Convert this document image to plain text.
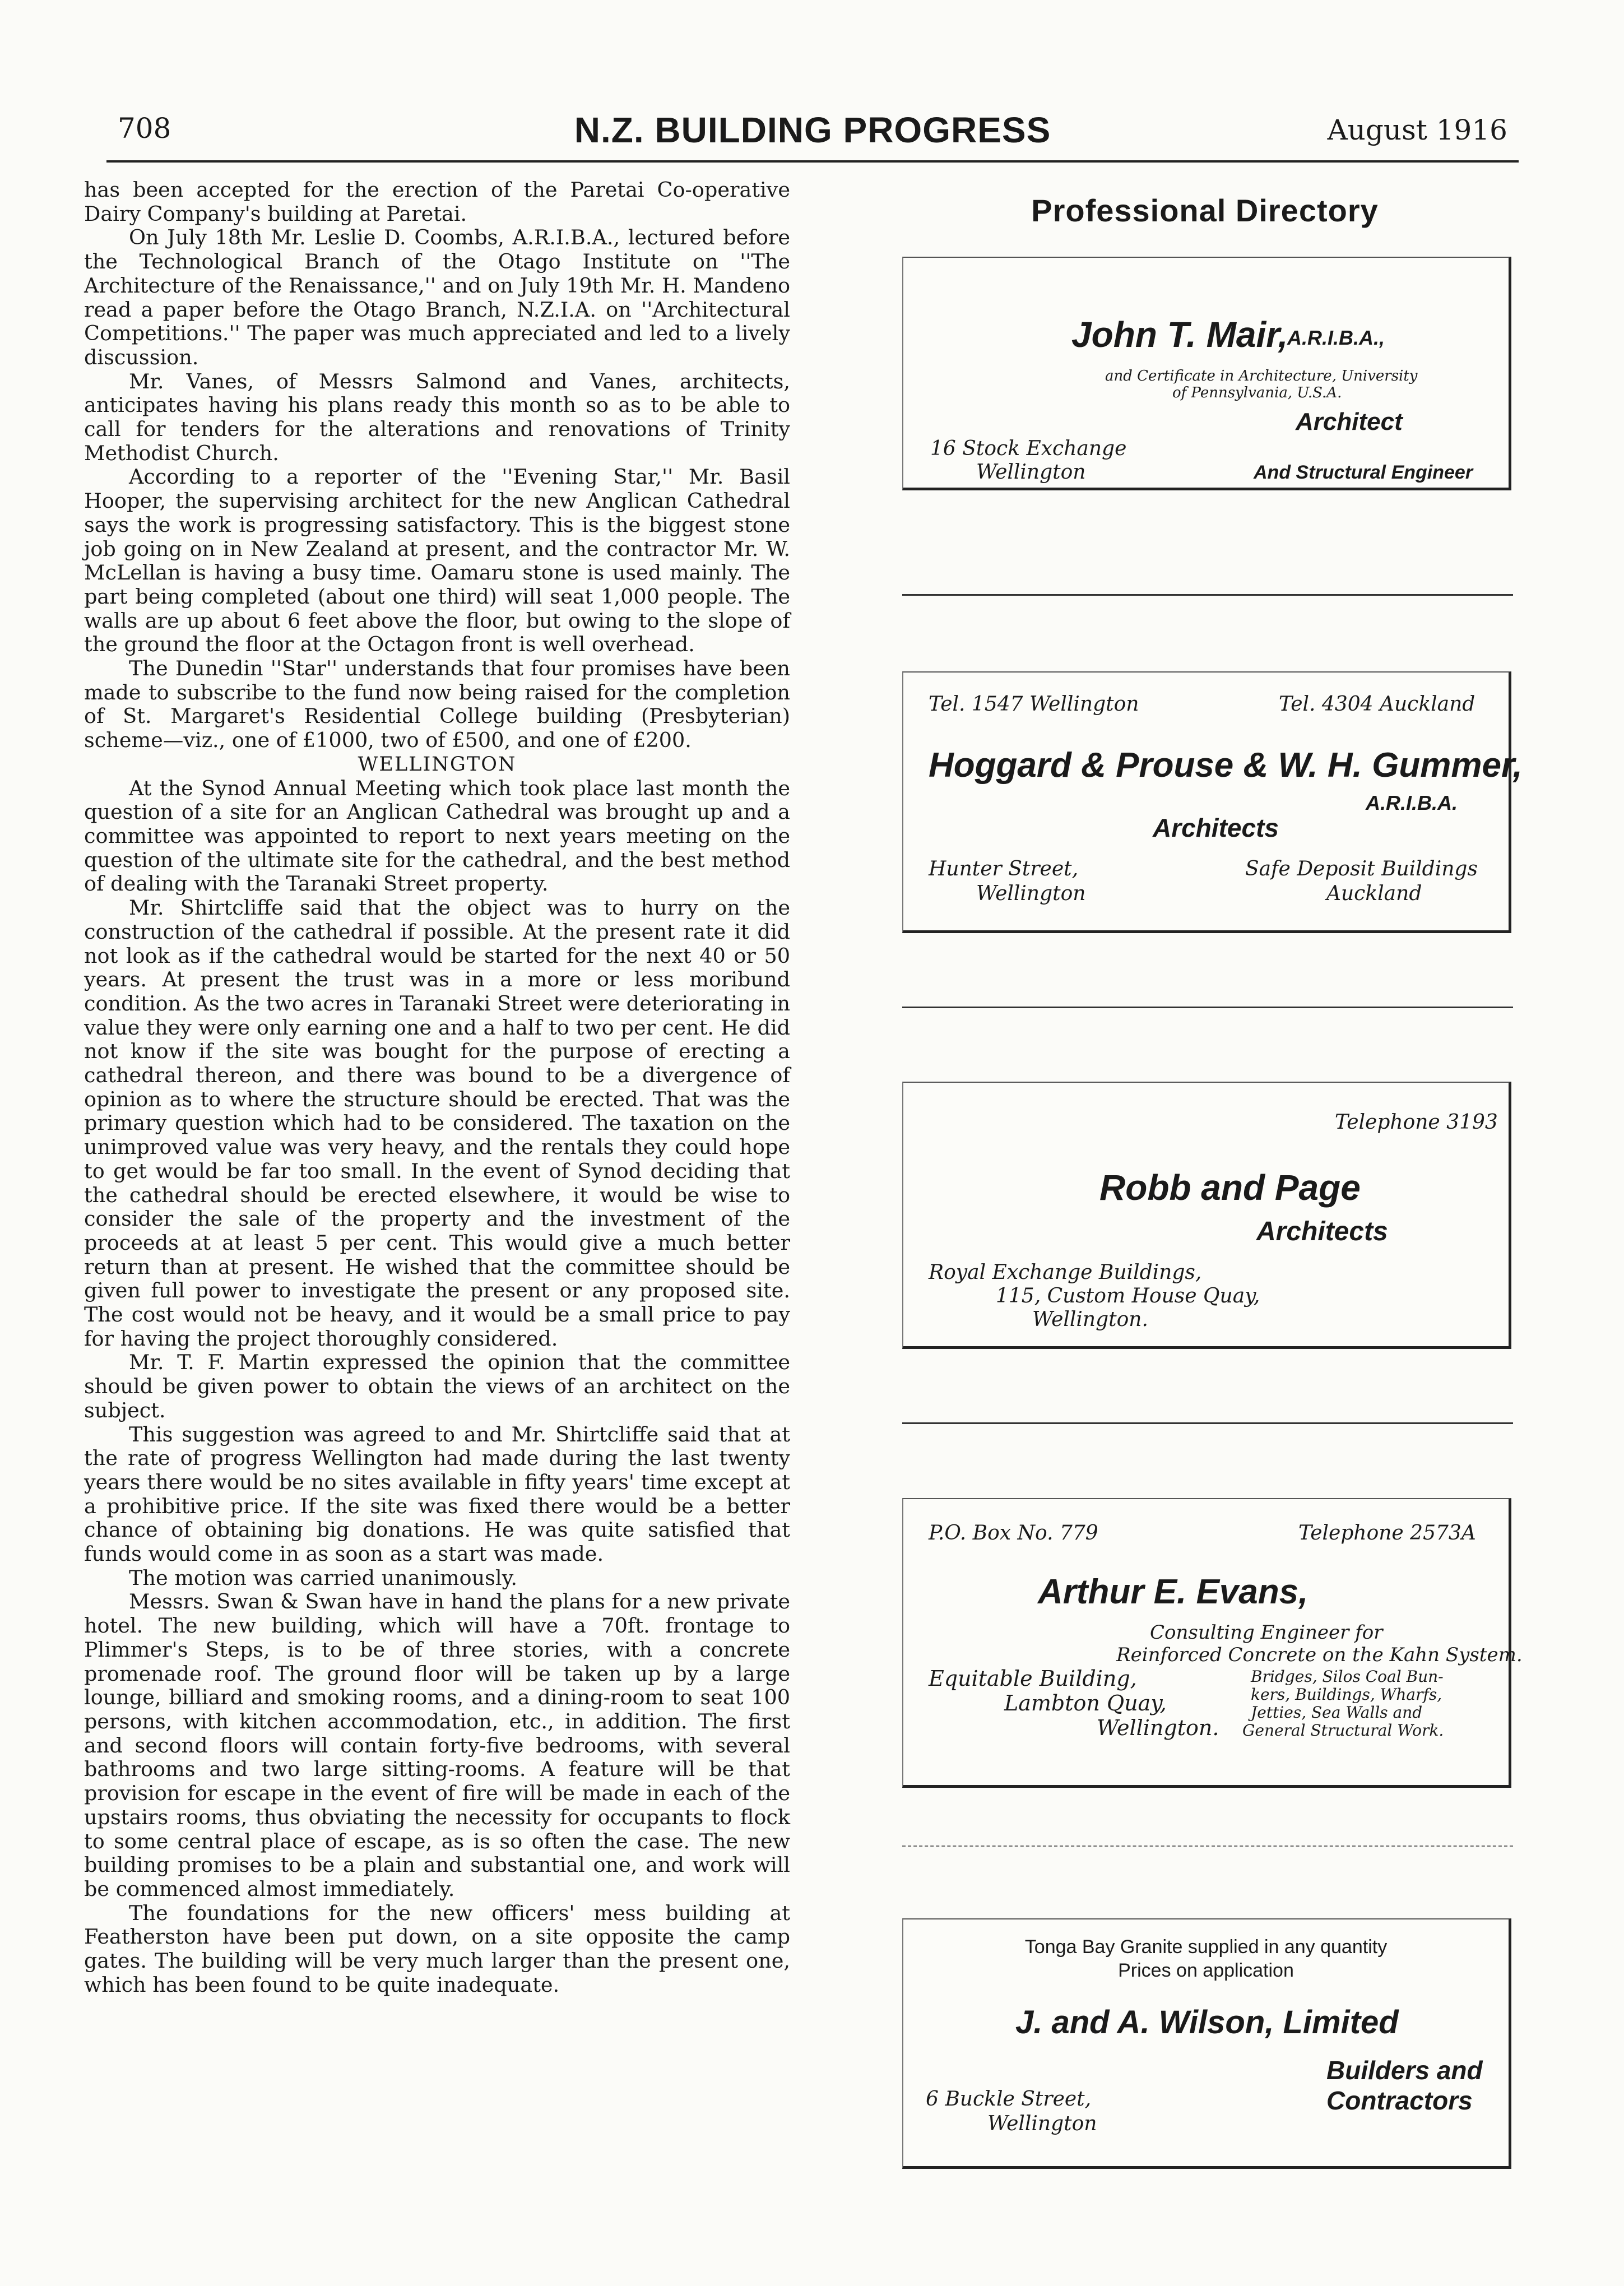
708	N.Z. BUILDING PROGRESS	August 1916

has been accepted for the erection of the Paretai Co-operative Dairy Company's building at Paretai.

On July 18th Mr. Leslie D. Coombs, A.R.I.B.A., lectured before the Technological Branch of the Otago Institute on ''The Architecture of the Renaissance,'' and on July 19th Mr. H. Mandeno read a paper before the Otago Branch, N.Z.I.A. on ''Architectural Competitions.'' The paper was much appreciated and led to a lively discussion.

Mr. Vanes, of Messrs Salmond and Vanes, architects, anticipates having his plans ready this month so as to be able to call for tenders for the alterations and renovations of Trinity Methodist Church.

According to a reporter of the ''Evening Star,'' Mr. Basil Hooper, the supervising architect for the new Anglican Cathedral says the work is progressing satisfactory. This is the biggest stone job going on in New Zealand at present, and the contractor Mr. W. McLellan is having a busy time. Oamaru stone is used mainly. The part being completed (about one third) will seat 1,000 people. The walls are up about 6 feet above the floor, but owing to the slope of the ground the floor at the Octagon front is well overhead.

The Dunedin ''Star'' understands that four promises have been made to subscribe to the fund now being raised for the completion of St. Margaret's Residential College building (Presbyterian) scheme—viz., one of £1000, two of £500, and one of £200.

WELLINGTON

At the Synod Annual Meeting which took place last month the question of a site for an Anglican Cathedral was brought up and a committee was appointed to report to next years meeting on the question of the ultimate site for the cathedral, and the best method of dealing with the Taranaki Street property.

Mr. Shirtcliffe said that the object was to hurry on the construction of the cathedral if possible. At the present rate it did not look as if the cathedral would be started for the next 40 or 50 years. At present the trust was in a more or less moribund condition. As the two acres in Taranaki Street were deteriorating in value they were only earning one and a half to two per cent. He did not know if the site was bought for the purpose of erecting a cathedral thereon, and there was bound to be a divergence of opinion as to where the structure should be erected. That was the primary question which had to be considered. The taxation on the unimproved value was very heavy, and the rentals they could hope to get would be far too small. In the event of Synod deciding that the cathedral should be erected elsewhere, it would be wise to consider the sale of the property and the investment of the proceeds at at least 5 per cent. This would give a much better return than at present. He wished that the committee should be given full power to investigate the present or any proposed site. The cost would not be heavy, and it would be a small price to pay for having the project thoroughly considered.

Mr. T. F. Martin expressed the opinion that the committee should be given power to obtain the views of an architect on the subject.

This suggestion was agreed to and Mr. Shirtcliffe said that at the rate of progress Wellington had made during the last twenty years there would be no sites available in fifty years' time except at a prohibitive price. If the site was fixed there would be a better chance of obtaining big donations. He was quite satisfied that funds would come in as soon as a start was made.

The motion was carried unanimously.

Messrs. Swan & Swan have in hand the plans for a new private hotel. The new building, which will have a 70ft. frontage to Plimmer's Steps, is to be of three stories, with a concrete promenade roof. The ground floor will be taken up by a large lounge, billiard and smoking rooms, and a dining-room to seat 100 persons, with kitchen accommodation, etc., in addition. The first and second floors will contain forty-five bedrooms, with several bathrooms and two large sitting-rooms. A feature will be that provision for escape in the event of fire will be made in each of the upstairs rooms, thus obviating the necessity for occupants to flock to some central place of escape, as is so often the case. The new building promises to be a plain and substantial one, and work will be commenced almost immediately.

The foundations for the new officers' mess building at Featherston have been put down, on a site opposite the camp gates. The building will be very much larger than the present one, which has been found to be quite inadequate.

Professional Directory
John T. Mair,
A.R.I.B.A.,
and Certificate in Architecture, University
of Pennsylvania, U.S.A.
Architect
16 Stock Exchange
Wellington	And Structural Engineer
Tel. 1547 Wellington	Tel. 4304 Auckland
Hoggard & Prouse & W. H. Gummer,
A.R.I.B.A.
Architects
Hunter Street,
Wellington
Safe Deposit Buildings
Auckland
Telephone 3193
Robb and Page
Architects
Royal Exchange Buildings,
115, Custom House Quay,
Wellington.
P.O. Box No. 779	Telephone 2573A
Arthur E. Evans,
Consulting Engineer for
Reinforced Concrete on the Kahn System.
Equitable Building,
Lambton Quay,
Wellington.
Bridges, Silos Coal Bun-
kers, Buildings, Wharfs,
Jetties, Sea Walls and
General Structural Work.
Tonga Bay Granite supplied in any quantity
Prices on application
J. and A. Wilson, Limited
Builders and
Contractors
6 Buckle Street,
Wellington
